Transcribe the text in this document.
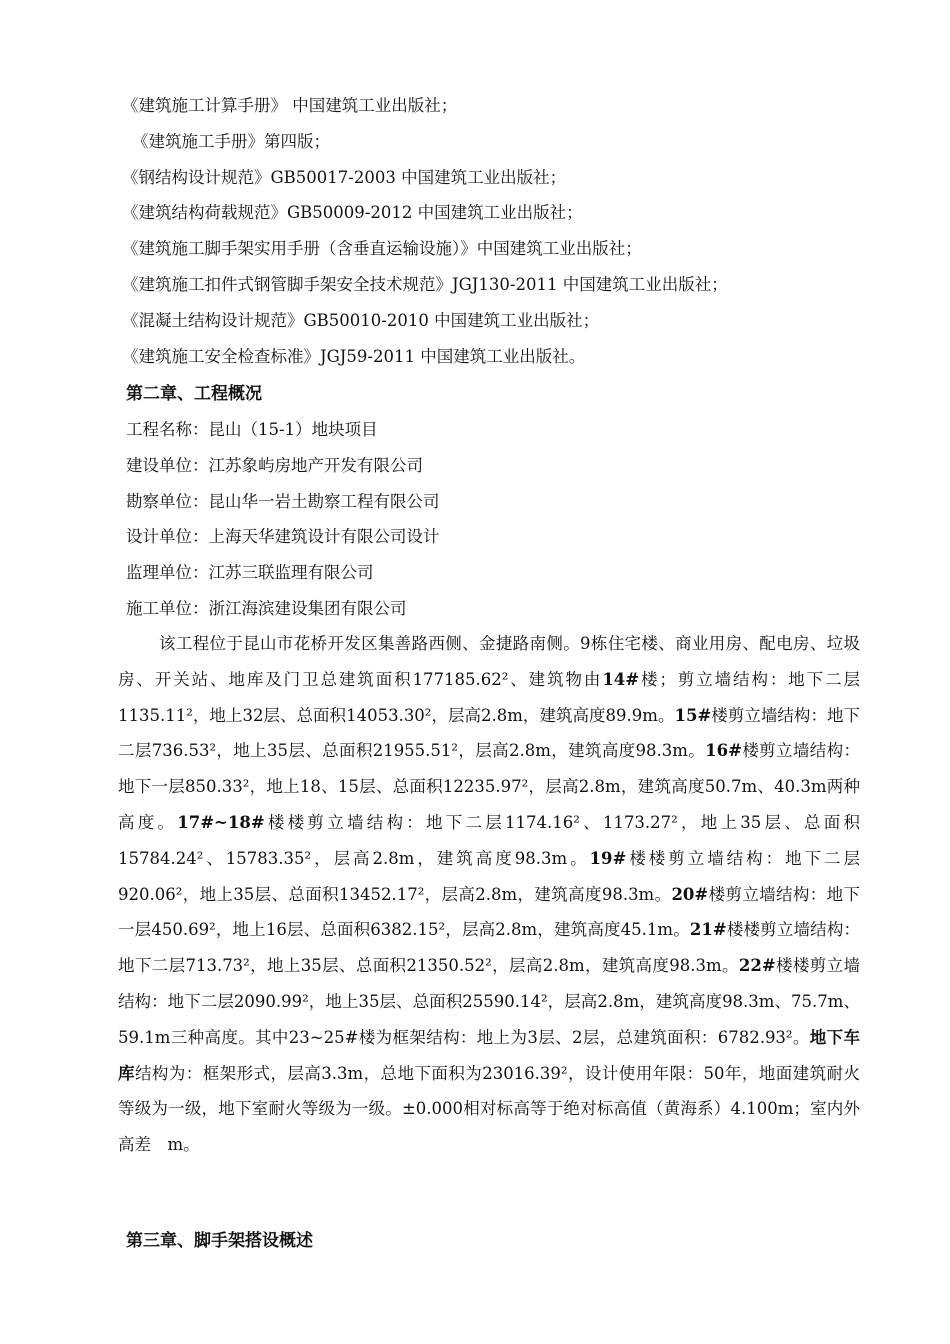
《建筑施工计算手册》 中国建筑工业出版社；
《建筑施工手册》第四版；
《钢结构设计规范》GB50017-2003 中国建筑工业出版社；
《建筑结构荷载规范》GB50009-2012 中国建筑工业出版社；
《建筑施工脚手架实用手册（含垂直运输设施）》中国建筑工业出版社；
《建筑施工扣件式钢管脚手架安全技术规范》JGJ130-2011 中国建筑工业出版社；
《混凝土结构设计规范》GB50010-2010 中国建筑工业出版社；
《建筑施工安全检查标准》JGJ59-2011 中国建筑工业出版社。
第二章、工程概况
工程名称：昆山（15-1）地块项目
建设单位：江苏象屿房地产开发有限公司
勘察单位：昆山华一岩土勘察工程有限公司
设计单位：上海天华建筑设计有限公司设计
监理单位：江苏三联监理有限公司
施工单位：浙江海滨建设集团有限公司
该工程位于昆山市花桥开发区集善路西侧、金捷路南侧。9栋住宅楼、商业用房、配电房、垃圾房、开关站、地库及门卫总建筑面积177185.62²、建筑物由14#楼；剪立墙结构：地下二层1135.11²，地上32层、总面积14053.30²，层高2.8m，建筑高度89.9m。15#楼剪立墙结构：地下二层736.53²，地上35层、总面积21955.51²，层高2.8m，建筑高度98.3m。16#楼剪立墙结构：地下一层850.33²，地上18、15层、总面积12235.97²，层高2.8m，建筑高度50.7m、40.3m两种高度。17#~18#楼楼剪立墙结构：地下二层1174.16²、1173.27²，地上35层、总面积15784.24²、15783.35²，层高2.8m，建筑高度98.3m。19#楼楼剪立墙结构：地下二层920.06²，地上35层、总面积13452.17²，层高2.8m，建筑高度98.3m。20#楼剪立墙结构：地下一层450.69²，地上16层、总面积6382.15²，层高2.8m，建筑高度45.1m。21#楼楼剪立墙结构：地下二层713.73²，地上35层、总面积21350.52²，层高2.8m，建筑高度98.3m。22#楼楼剪立墙结构：地下二层2090.99²，地上35层、总面积25590.14²，层高2.8m，建筑高度98.3m、75.7m、59.1m三种高度。其中23~25#楼为框架结构：地上为3层、2层，总建筑面积：6782.93²。地下车库结构为：框架形式，层高3.3m，总地下面积为23016.39²，设计使用年限：50年，地面建筑耐火等级为一级，地下室耐火等级为一级。±0.000相对标高等于绝对标高值（黄海系）4.100m；室内外高差　m。
第三章、脚手架搭设概述
